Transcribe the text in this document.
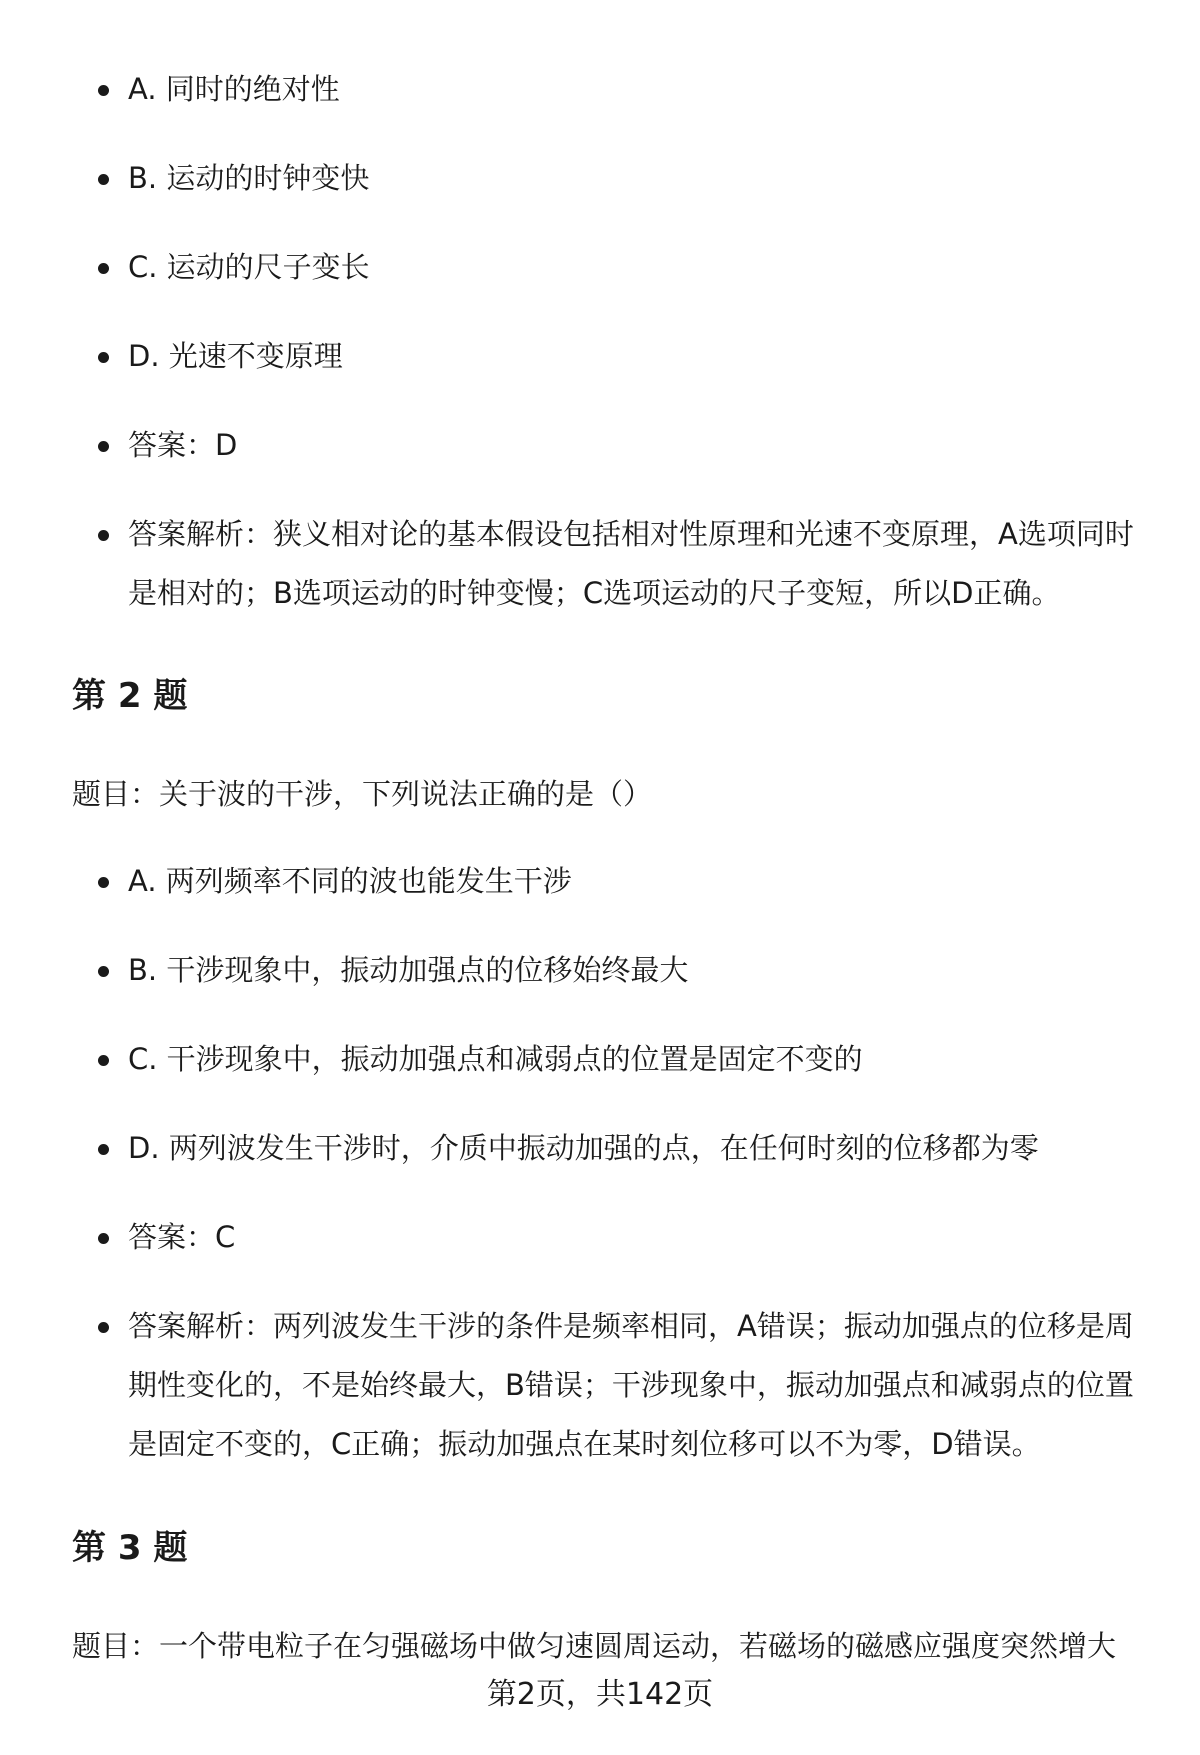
A. 同时的绝对性
B. 运动的时钟变快
C. 运动的尺子变长
D. 光速不变原理
答案：D
答案解析：狭义相对论的基本假设包括相对性原理和光速不变原理，A选项同时是相对的；B选项运动的时钟变慢；C选项运动的尺子变短，所以D正确。
第 2 题

题目：关于波的干涉，下列说法正确的是（）

A. 两列频率不同的波也能发生干涉
B. 干涉现象中，振动加强点的位移始终最大
C. 干涉现象中，振动加强点和减弱点的位置是固定不变的
D. 两列波发生干涉时，介质中振动加强的点，在任何时刻的位移都为零
答案：C
答案解析：两列波发生干涉的条件是频率相同，A错误；振动加强点的位移是周期性变化的，不是始终最大，B错误；干涉现象中，振动加强点和减弱点的位置是固定不变的，C正确；振动加强点在某时刻位移可以不为零，D错误。
第 3 题

题目：一个带电粒子在匀强磁场中做匀速圆周运动，若磁场的磁感应强度突然增大

第2页，共142页
